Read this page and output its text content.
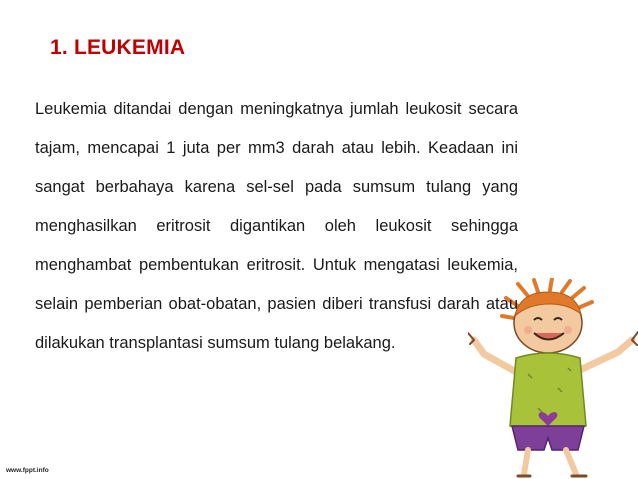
1. LEUKEMIA
Leukemia ditandai dengan meningkatnya jumlah leukosit secara tajam, mencapai 1 juta per mm3 darah atau lebih. Keadaan ini sangat berbahaya karena sel-sel pada sumsum tulang yang menghasilkan eritrosit digantikan oleh leukosit sehingga menghambat pembentukan eritrosit. Untuk mengatasi leukemia, selain pemberian obat-obatan, pasien diberi transfusi darah atau dilakukan transplantasi sumsum tulang belakang.
www.fppt.info
